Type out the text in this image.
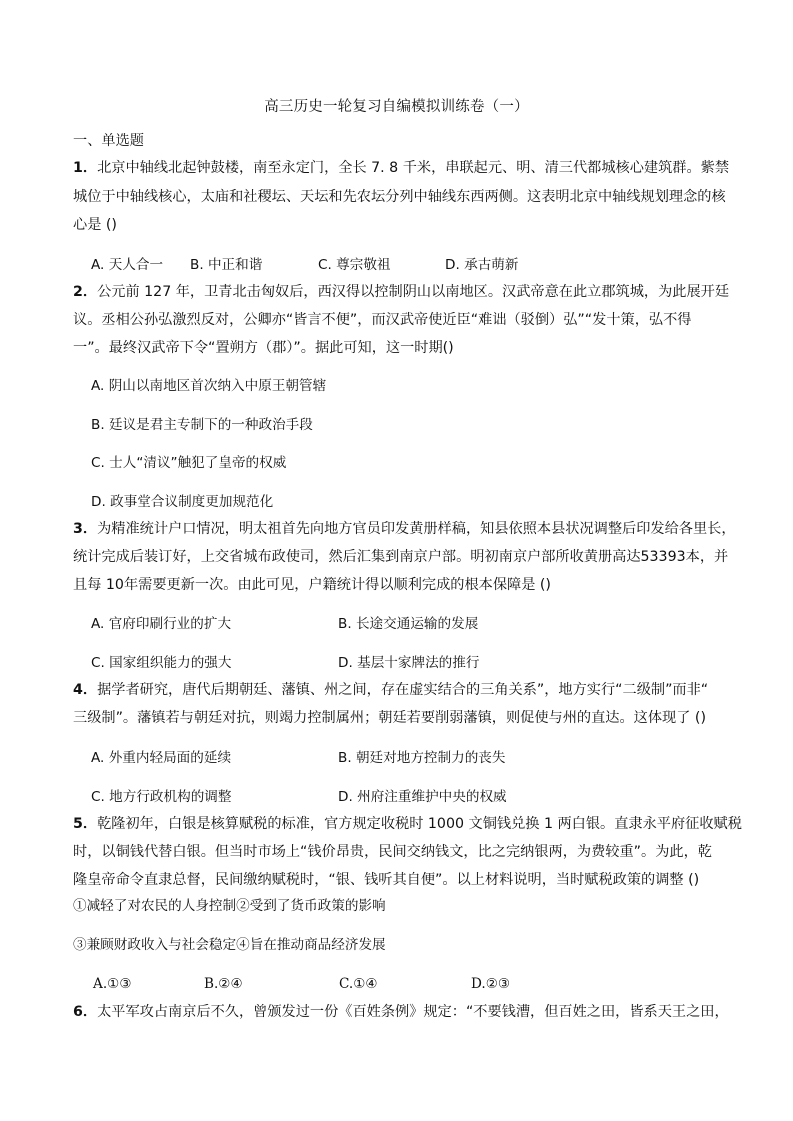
高三历史一轮复习自编模拟训练卷（一）
一、单选题
1．北京中轴线北起钟鼓楼，南至永定门，全长 7. 8 千米，串联起元、明、清三代都城核心建筑群。紫禁
城位于中轴线核心，太庙和社稷坛、天坛和先农坛分列中轴线东西两侧。这表明北京中轴线规划理念的核
心是 ()
A. 天人合一 B. 中正和谐	C. 尊宗敬祖	D. 承古萌新
2．公元前 127 年，卫青北击匈奴后，西汉得以控制阴山以南地区。汉武帝意在此立郡筑城，为此展开廷
议。丞相公孙弘激烈反对，公卿亦“皆言不便”，而汉武帝使近臣“难诎（驳倒）弘”“发十策，弘不得
一”。最终汉武帝下令“置朔方（郡）”。据此可知，这一时期()
A. 阴山以南地区首次纳入中原王朝管辖
B. 廷议是君主专制下的一种政治手段
C. 士人“清议”触犯了皇帝的权威
D. 政事堂合议制度更加规范化
3．为精准统计户口情况，明太祖首先向地方官员印发黄册样稿，知县依照本县状况调整后印发给各里长，
统计完成后装订好，上交省城布政使司，然后汇集到南京户部。明初南京户部所收黄册高达53393本，并
且每 10年需要更新一次。由此可见，户籍统计得以顺利完成的根本保障是 ()
A. 官府印刷行业的扩大	B. 长途交通运输的发展
C. 国家组织能力的强大	D. 基层十家牌法的推行
4．据学者研究，唐代后期朝廷、藩镇、州之间，存在虚实结合的三角关系”，地方实行“二级制”而非“
三级制”。藩镇若与朝廷对抗，则竭力控制属州；朝廷若要削弱藩镇，则促使与州的直达。这体现了 ()
A. 外重内轻局面的延续	B. 朝廷对地方控制力的丧失
C. 地方行政机构的调整	D. 州府注重维护中央的权威
5．乾隆初年，白银是核算赋税的标准，官方规定收税时 1000 文铜钱兑换 1 两白银。直隶永平府征收赋税
时，以铜钱代替白银。但当时市场上“钱价昂贵，民间交纳钱文，比之完纳银两，为费较重”。为此，乾
隆皇帝命令直隶总督，民间缴纳赋税时，“银、钱听其自便”。以上材料说明，当时赋税政策的调整 ()
①减轻了对农民的人身控制②受到了货币政策的影响
③兼顾财政收入与社会稳定④旨在推动商品经济发展
A.①③	B.②④	C.①④	D.②③
6．太平军攻占南京后不久，曾颁发过一份《百姓条例》规定：“不要钱漕，但百姓之田，皆系天王之田，
